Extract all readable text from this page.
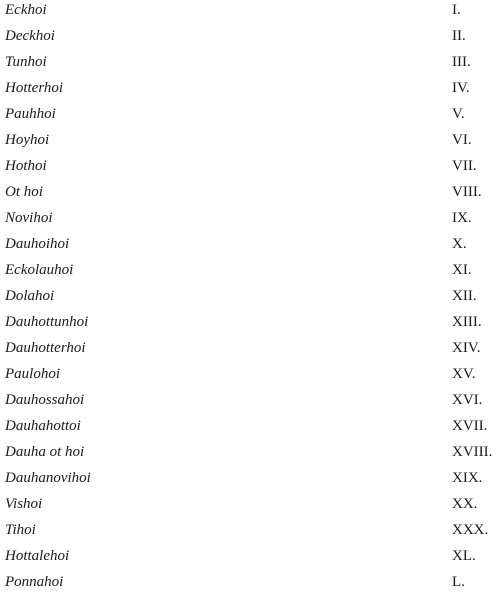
Eckhoi	I.
Deckhoi	II.
Tunhoi	III.
Hotterhoi	IV.
Pauhhoi	V.
Hoyhoi	VI.
Hothoi	VII.
Ot hoi	VIII.
Novihoi	IX.
Dauhoihoi	X.
Eckolauhoi	XI.
Dolahoi	XII.
Dauhottunhoi	XIII.
Dauhotterhoi	XIV.
Paulohoi	XV.
Dauhossahoi	XVI.
Dauhahottoi	XVII.
Dauha ot hoi	XVIII.
Dauhanovihoi	XIX.
Vishoi	XX.
Tihoi	XXX.
Hottalehoi	XL.
Ponnahoi	L.
